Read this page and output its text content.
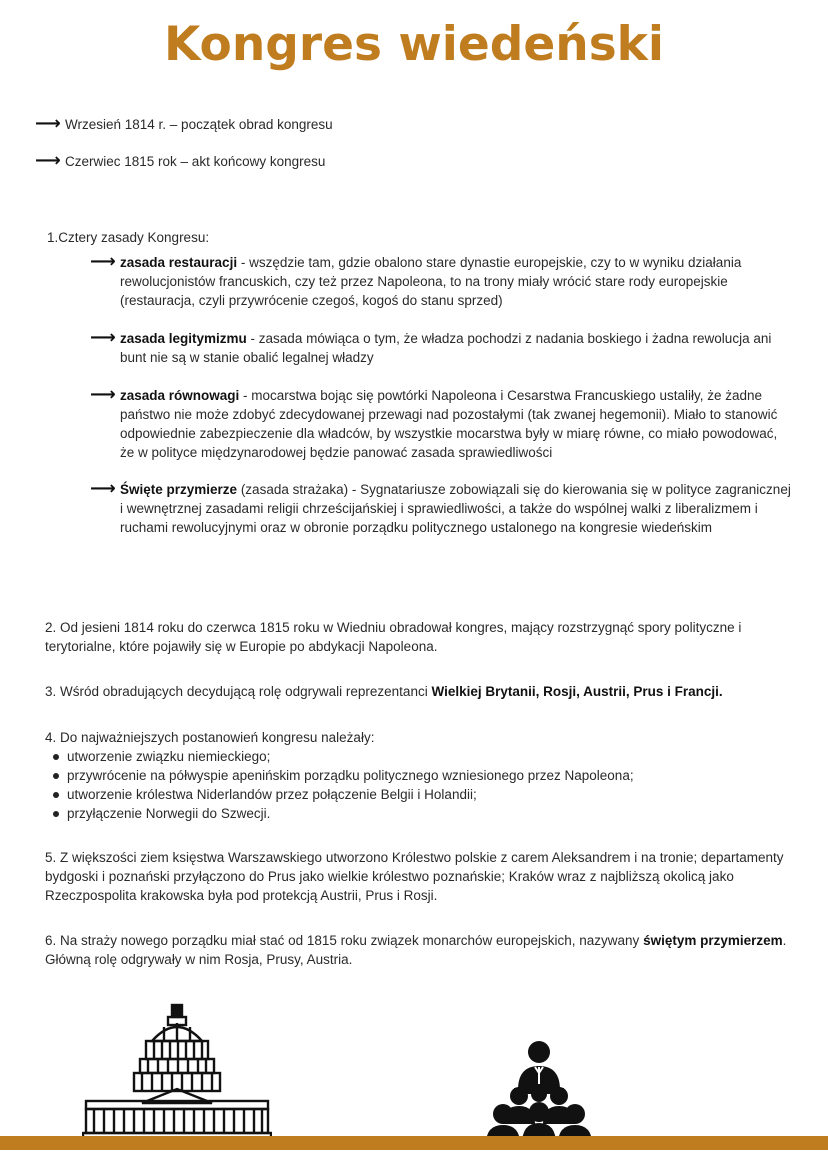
Kongres wiedeński
⟶ Wrzesień 1814 r. – początek obrad kongresu
⟶ Czerwiec 1815 rok – akt końcowy kongresu
1.Cztery zasady Kongresu:
⟶ zasada restauracji - wszędzie tam, gdzie obalono stare dynastie europejskie, czy to w wyniku działania rewolucjonistów francuskich, czy też przez Napoleona, to na trony miały wrócić stare rody europejskie (restauracja, czyli przywrócenie czegoś, kogoś do stanu sprzed)
⟶ zasada legitymizmu - zasada mówiąca o tym, że władza pochodzi z nadania boskiego i żadna rewolucja ani bunt nie są w stanie obalić legalnej władzy
⟶ zasada równowagi - mocarstwa bojąc się powtórki Napoleona i Cesarstwa Francuskiego ustaliły, że żadne państwo nie może zdobyć zdecydowanej przewagi nad pozostałymi (tak zwanej hegemonii). Miało to stanowić odpowiednie zabezpieczenie dla władców, by wszystkie mocarstwa były w miarę równe, co miało powodować, że w polityce międzynarodowej będzie panować zasada sprawiedliwości
⟶ Święte przymierze (zasada strażaka) - Sygnatariusze zobowiązali się do kierowania się w polityce zagranicznej i wewnętrznej zasadami religii chrześcijańskiej i sprawiedliwości, a także do wspólnej walki z liberalizmem i ruchami rewolucyjnymi oraz w obronie porządku politycznego ustalonego na kongresie wiedeńskim
2. Od jesieni 1814 roku do czerwca 1815 roku w Wiedniu obradował kongres, mający rozstrzygnąć spory polityczne i terytorialne, które pojawiły się w Europie po abdykacji Napoleona.
3. Wśród obradujących decydującą rolę odgrywali reprezentanci Wielkiej Brytanii, Rosji, Austrii, Prus i Francji.
4. Do najważniejszych postanowień kongresu należały:
utworzenie związku niemieckiego;
przywrócenie na półwyspie apenińskim porządku politycznego wzniesionego przez Napoleona;
utworzenie królestwa Niderlandów przez połączenie Belgii i Holandii;
przyłączenie Norwegii do Szwecji.
5. Z większości ziem księstwa Warszawskiego utworzono Królestwo polskie z carem Aleksandrem i na tronie; departamenty bydgoski i poznański przyłączono do Prus jako wielkie królestwo poznańskie; Kraków wraz z najbliższą okolicą jako Rzeczpospolita krakowska była pod protekcją Austrii, Prus i Rosji.
6. Na straży nowego porządku miał stać od 1815 roku związek monarchów europejskich, nazywany świętym przymierzem. Główną rolę odgrywały w nim Rosja, Prusy, Austria.
